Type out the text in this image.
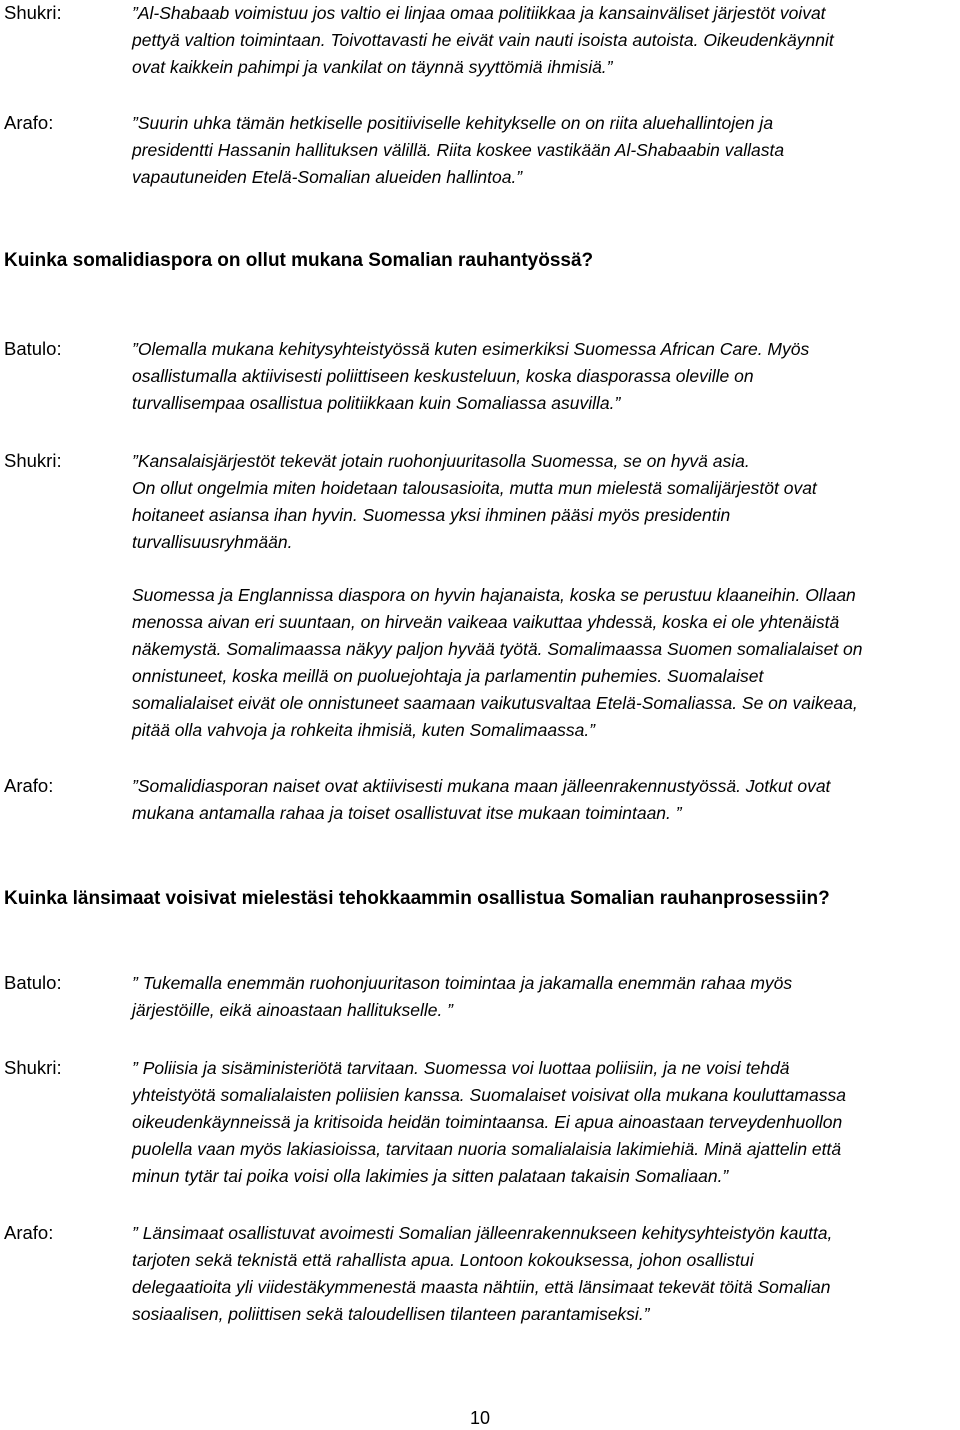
Shukri:	”Al-Shabaab voimistuu jos valtio ei linjaa omaa politiikkaa ja kansainväliset järjestöt voivat
pettyä valtion toimintaan. Toivottavasti he eivät vain nauti isoista autoista. Oikeudenkäynnit
ovat kaikkein pahimpi ja vankilat on täynnä syyttömiä ihmisiä.”
Arafo:	”Suurin uhka tämän hetkiselle positiiviselle kehitykselle on on riita aluehallintojen ja
presidentti Hassanin hallituksen välillä. Riita koskee vastikään Al-Shabaabin vallasta
vapautuneiden Etelä-Somalian alueiden hallintoa.”
Kuinka somalidiaspora on ollut mukana Somalian rauhantyössä?
Batulo:	”Olemalla mukana kehitysyhteistyössä kuten esimerkiksi Suomessa African Care. Myös
osallistumalla aktiivisesti poliittiseen keskusteluun, koska diasporassa oleville on
turvallisempaa osallistua politiikkaan kuin Somaliassa asuvilla.”
Shukri:	”Kansalaisjärjestöt tekevät jotain ruohonjuuritasolla Suomessa, se on hyvä asia.
On ollut ongelmia miten hoidetaan talousasioita, mutta mun mielestä somalijärjestöt ovat
hoitaneet asiansa ihan hyvin. Suomessa yksi ihminen pääsi myös presidentin
turvallisuusryhmään.
Suomessa ja Englannissa diaspora on hyvin hajanaista, koska se perustuu klaaneihin. Ollaan
menossa aivan eri suuntaan, on hirveän vaikeaa vaikuttaa yhdessä, koska ei ole yhtenäistä
näkemystä. Somalimaassa näkyy paljon hyvää työtä. Somalimaassa Suomen somalialaiset on
onnistuneet, koska meillä on puoluejohtaja ja parlamentin puhemies. Suomalaiset
somalialaiset eivät ole onnistuneet saamaan vaikutusvaltaa Etelä-Somaliassa. Se on vaikeaa,
pitää olla vahvoja ja rohkeita ihmisiä, kuten Somalimaassa.”
Arafo:	”Somalidiasporan naiset ovat aktiivisesti mukana maan jälleenrakennustyössä. Jotkut ovat
mukana antamalla rahaa ja toiset osallistuvat itse mukaan toimintaan. ”
Kuinka länsimaat voisivat mielestäsi tehokkaammin osallistua Somalian rauhanprosessiin?
Batulo:	” Tukemalla enemmän ruohonjuuritason toimintaa ja jakamalla enemmän rahaa myös
järjestöille, eikä ainoastaan hallitukselle. ”
Shukri:	” Poliisia ja sisäministeriötä tarvitaan. Suomessa voi luottaa poliisiin, ja ne voisi tehdä
yhteistyötä somalialaisten poliisien kanssa. Suomalaiset voisivat olla mukana kouluttamassa
oikeudenkäynneissä ja kritisoida heidän toimintaansa. Ei apua ainoastaan terveydenhuollon
puolella vaan myös lakiasioissa, tarvitaan nuoria somalialaisia lakimiehiä. Minä ajattelin että
minun tytär tai poika voisi olla lakimies ja sitten palataan takaisin Somaliaan.”
Arafo:	” Länsimaat osallistuvat avoimesti Somalian jälleenrakennukseen kehitysyhteistyön kautta,
tarjoten sekä teknistä että rahallista apua. Lontoon kokouksessa, johon osallistui
delegaatioita yli viidestäkymmenestä maasta nähtiin, että länsimaat tekevät töitä Somalian
sosiaalisen, poliittisen sekä taloudellisen tilanteen parantamiseksi.”
10
